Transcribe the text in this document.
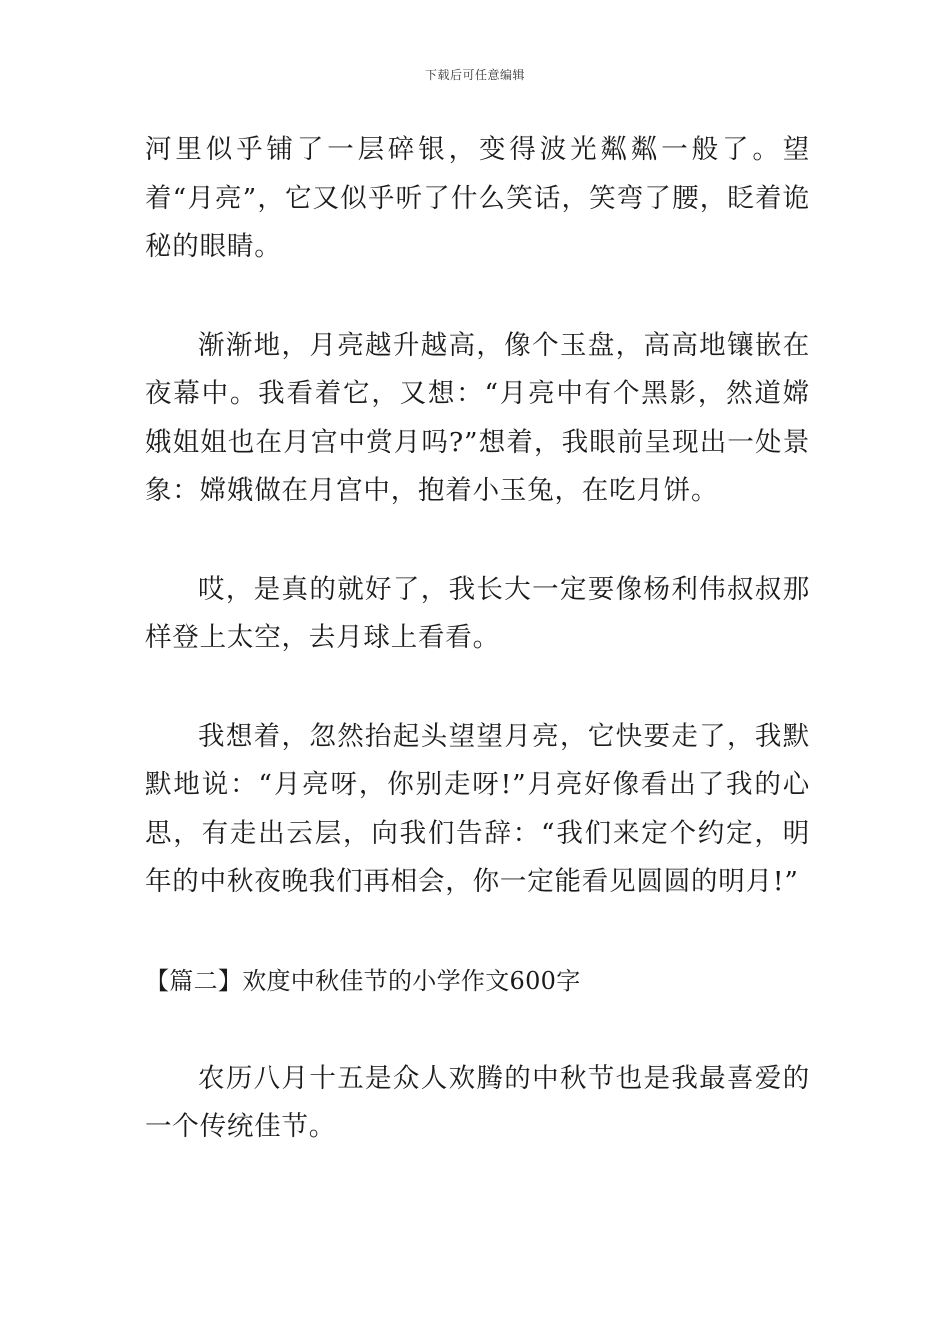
下载后可任意编辑

河里似乎铺了一层碎银，变得波光粼粼一般了。望着“月亮”，它又似乎听了什么笑话，笑弯了腰，眨着诡秘的眼睛。

渐渐地，月亮越升越高，像个玉盘，高高地镶嵌在夜幕中。我看着它，又想：“月亮中有个黑影，然道嫦娥姐姐也在月宫中赏月吗?”想着，我眼前呈现出一处景象：嫦娥做在月宫中，抱着小玉兔，在吃月饼。

哎，是真的就好了，我长大一定要像杨利伟叔叔那样登上太空，去月球上看看。

我想着，忽然抬起头望望月亮，它快要走了，我默默地说：“月亮呀，你别走呀!”月亮好像看出了我的心思，有走出云层，向我们告辞：“我们来定个约定，明年的中秋夜晚我们再相会，你一定能看见圆圆的明月!”

【篇二】欢度中秋佳节的小学作文600字

农历八月十五是众人欢腾的中秋节也是我最喜爱的一个传统佳节。
